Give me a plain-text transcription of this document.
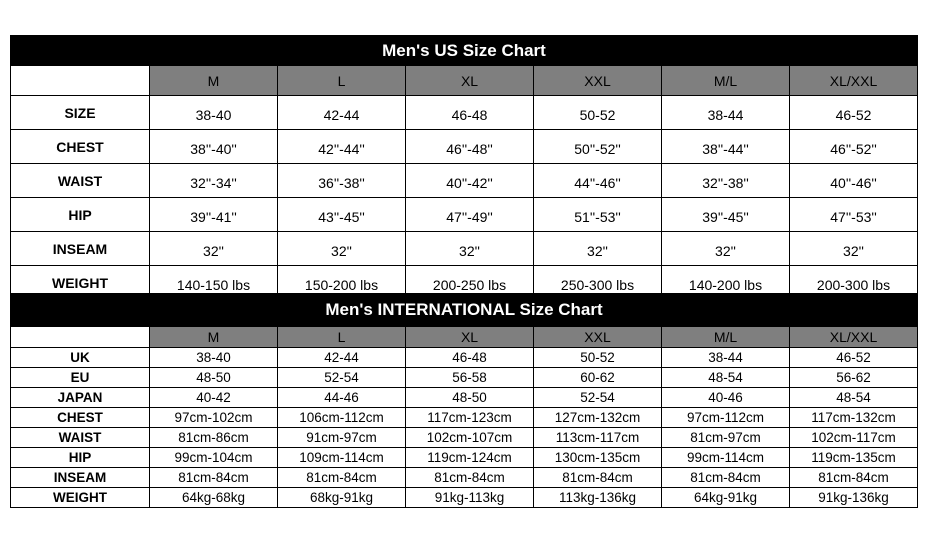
Men's US Size Chart						
	M	L	XL	XXL	M/L	XL/XXL
SIZE	38-40	42-44	46-48	50-52	38-44	46-52
CHEST	38''-40''	42''-44''	46''-48''	50''-52''	38''-44''	46''-52''
WAIST	32''-34''	36''-38''	40''-42''	44''-46''	32''-38''	40''-46''
HIP	39''-41''	43''-45''	47''-49''	51''-53''	39''-45''	47''-53''
INSEAM	32''	32''	32''	32''	32''	32''
WEIGHT	140-150 lbs	150-200 lbs	200-250 lbs	250-300 lbs	140-200 lbs	200-300 lbs
Men's INTERNATIONAL Size Chart						
	M	L	XL	XXL	M/L	XL/XXL
UK	38-40	42-44	46-48	50-52	38-44	46-52
EU	48-50	52-54	56-58	60-62	48-54	56-62
JAPAN	40-42	44-46	48-50	52-54	40-46	48-54
CHEST	97cm-102cm	106cm-112cm	117cm-123cm	127cm-132cm	97cm-112cm	117cm-132cm
WAIST	81cm-86cm	91cm-97cm	102cm-107cm	113cm-117cm	81cm-97cm	102cm-117cm
HIP	99cm-104cm	109cm-114cm	119cm-124cm	130cm-135cm	99cm-114cm	119cm-135cm
INSEAM	81cm-84cm	81cm-84cm	81cm-84cm	81cm-84cm	81cm-84cm	81cm-84cm
WEIGHT	64kg-68kg	68kg-91kg	91kg-113kg	113kg-136kg	64kg-91kg	91kg-136kg
